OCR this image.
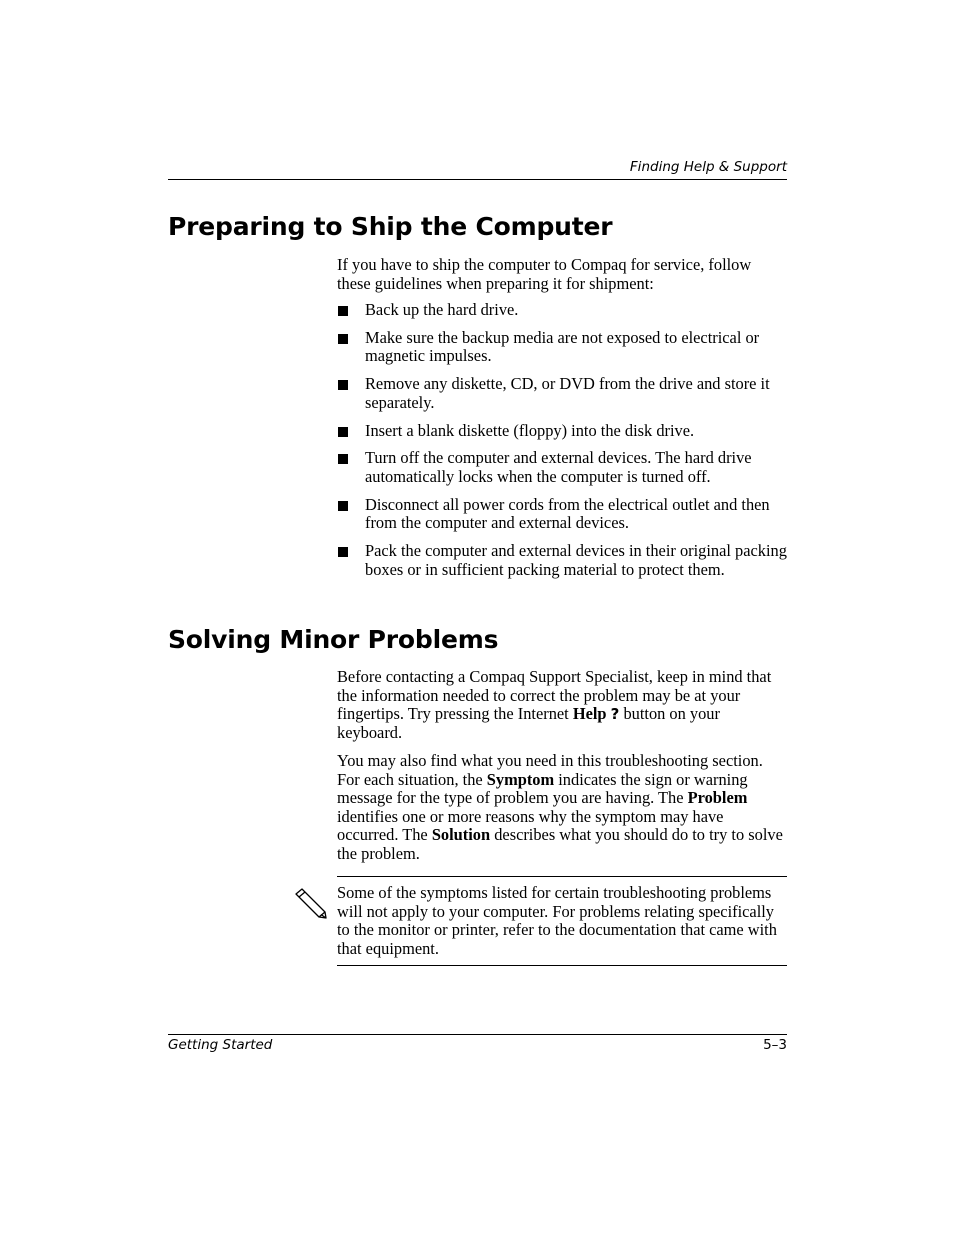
Finding Help & Support
Preparing to Ship the Computer

If you have to ship the computer to Compaq for service, follow these guidelines when preparing it for shipment:

Back up the hard drive.
Make sure the backup media are not exposed to electrical or magnetic impulses.
Remove any diskette, CD, or DVD from the drive and store it separately.
Insert a blank diskette (floppy) into the disk drive.
Turn off the computer and external devices. The hard drive automatically locks when the computer is turned off.
Disconnect all power cords from the electrical outlet and then from the computer and external devices.
Pack the computer and external devices in their original packing boxes or in sufficient packing material to protect them.
Solving Minor Problems

Before contacting a Compaq Support Specialist, keep in mind that the information needed to correct the problem may be at your fingertips. Try pressing the Internet Help ? button on your keyboard.

You may also find what you need in this troubleshooting section. For each situation, the Symptom indicates the sign or warning message for the type of problem you are having. The Problem identifies one or more reasons why the symptom may have occurred. The Solution describes what you should do to try to solve the problem.

Some of the symptoms listed for certain troubleshooting problems will not apply to your computer. For problems relating specifically to the monitor or printer, refer to the documentation that came with that equipment.

Getting Started	5–3
